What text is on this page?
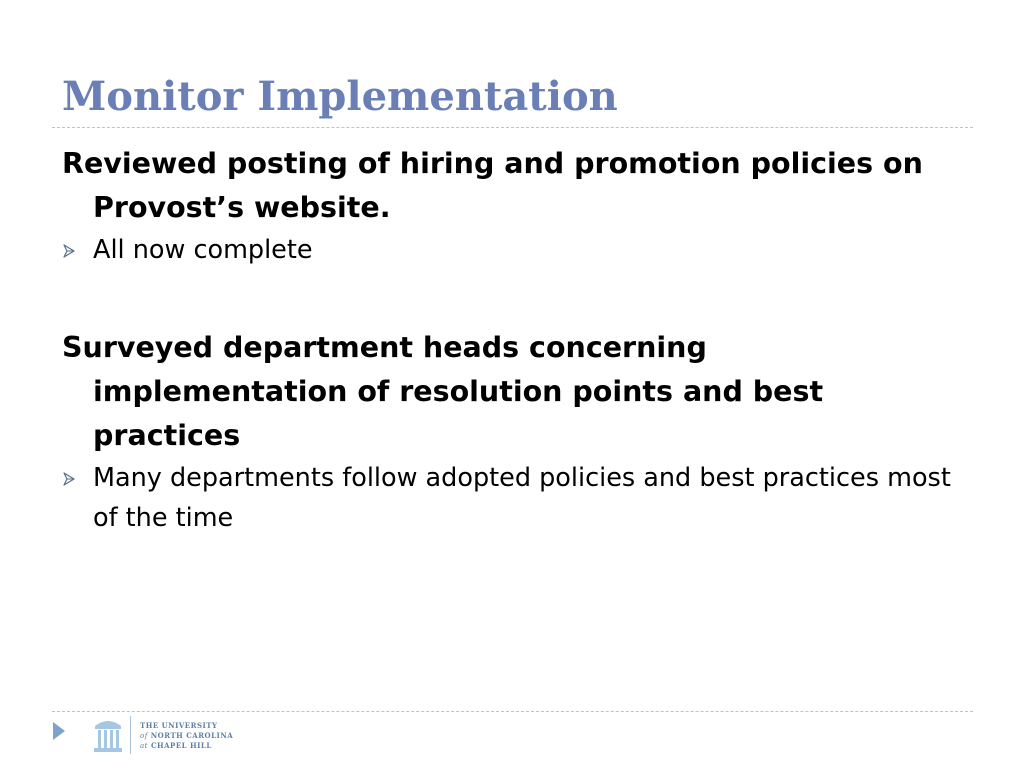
Monitor Implementation

Reviewed posting of hiring and promotion policies on Provost’s website.

All now complete

Surveyed department heads concerning implementation of resolution points and best practices

Many departments follow adopted policies and best practices most of the time

THE UNIVERSITY
of NORTH CAROLINA
at CHAPEL HILL
